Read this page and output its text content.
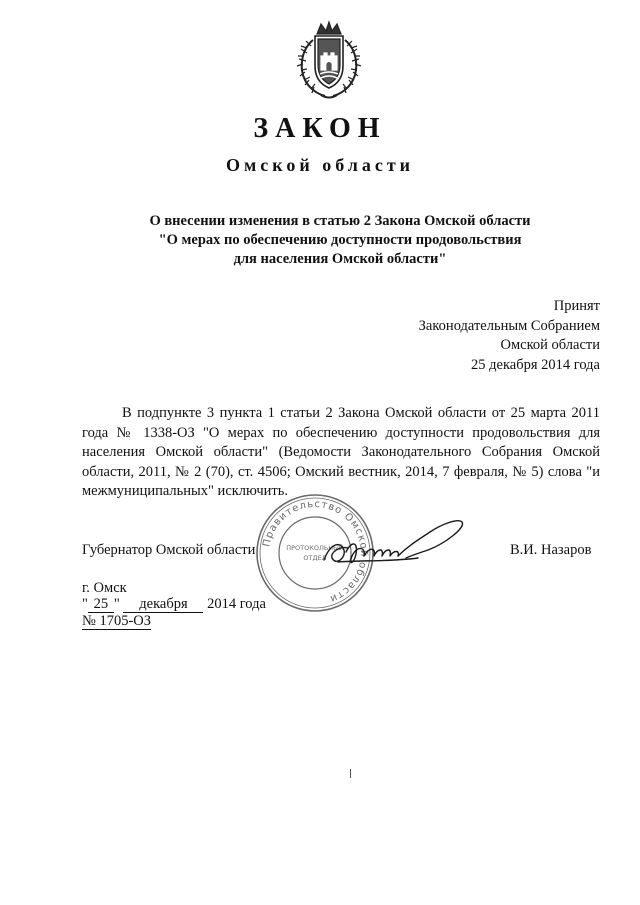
ЗАКОН
Омской области
О внесении изменения в статью 2 Закона Омской области
"О мерах по обеспечению доступности продовольствия
для населения Омской области"
Принят
Законодательным Собранием
Омской области
25 декабря 2014 года
В подпункте 3 пункта 1 статьи 2 Закона Омской области от 25 марта 2011 года № 1338-ОЗ "О мерах по обеспечению доступности продовольствия для населения Омской области" (Ведомости Законодательного Собрания Омской области, 2011, № 2 (70), ст. 4506; Омский вестник, 2014, 7 февраля, № 5) слова "и межмуниципальных" исключить.
Губернатор Омской области	В.И. Назаров
Правительство Омской области
ПРОТОКОЛЬНЫЙ
ОТДЕЛ
г. Омск
" 25 " декабря 2014 года
№ 1705-ОЗ
